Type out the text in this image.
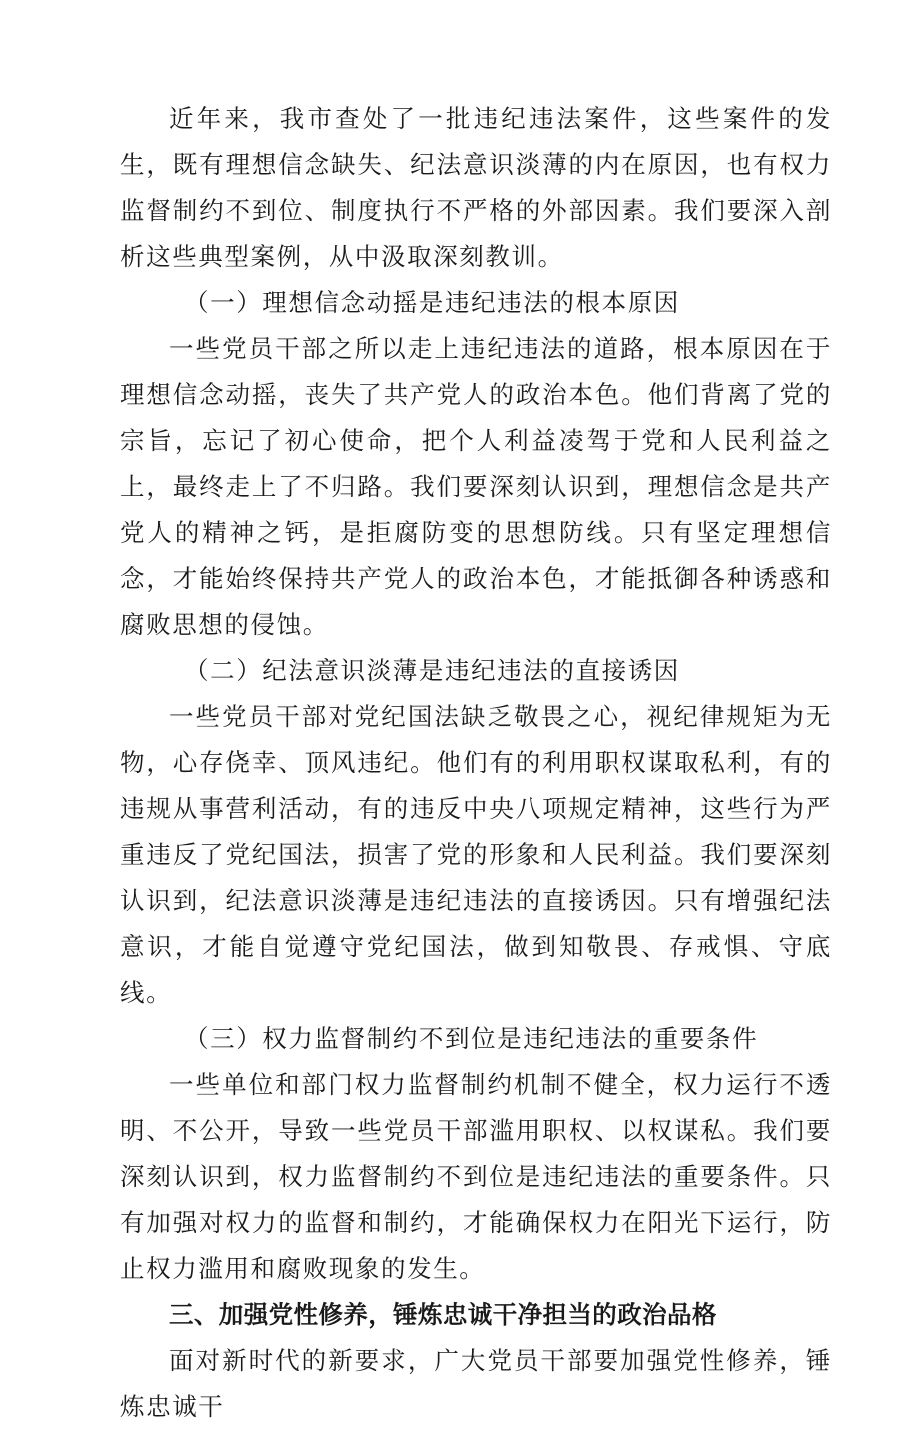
近年来，我市查处了一批违纪违法案件，这些案件的发生，既有理想信念缺失、纪法意识淡薄的内在原因，也有权力监督制约不到位、制度执行不严格的外部因素。我们要深入剖析这些典型案例，从中汲取深刻教训。

（一）理想信念动摇是违纪违法的根本原因

一些党员干部之所以走上违纪违法的道路，根本原因在于理想信念动摇，丧失了共产党人的政治本色。他们背离了党的宗旨，忘记了初心使命，把个人利益凌驾于党和人民利益之上，最终走上了不归路。我们要深刻认识到，理想信念是共产党人的精神之钙，是拒腐防变的思想防线。只有坚定理想信念，才能始终保持共产党人的政治本色，才能抵御各种诱惑和腐败思想的侵蚀。

（二）纪法意识淡薄是违纪违法的直接诱因

一些党员干部对党纪国法缺乏敬畏之心，视纪律规矩为无物，心存侥幸、顶风违纪。他们有的利用职权谋取私利，有的违规从事营利活动，有的违反中央八项规定精神，这些行为严重违反了党纪国法，损害了党的形象和人民利益。我们要深刻认识到，纪法意识淡薄是违纪违法的直接诱因。只有增强纪法意识，才能自觉遵守党纪国法，做到知敬畏、存戒惧、守底线。

（三）权力监督制约不到位是违纪违法的重要条件

一些单位和部门权力监督制约机制不健全，权力运行不透明、不公开，导致一些党员干部滥用职权、以权谋私。我们要深刻认识到，权力监督制约不到位是违纪违法的重要条件。只有加强对权力的监督和制约，才能确保权力在阳光下运行，防止权力滥用和腐败现象的发生。

三、加强党性修养，锤炼忠诚干净担当的政治品格

面对新时代的新要求，广大党员干部要加强党性修养，锤炼忠诚干
